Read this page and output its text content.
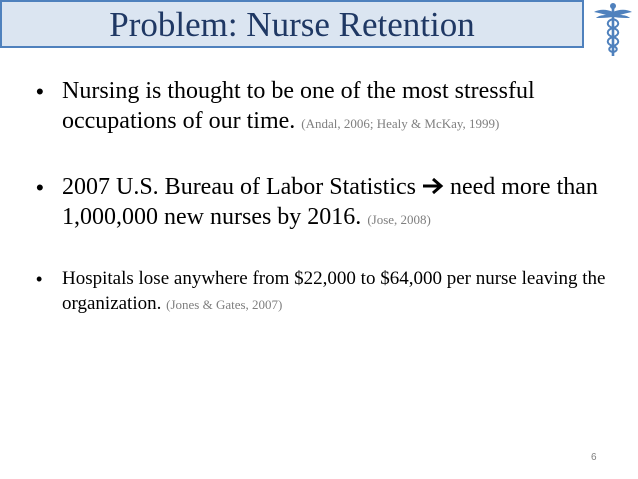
Problem: Nurse Retention

• Nursing is thought to be one of the most stressful occupations of our time. (Andal, 2006; Healy & McKay, 1999)

• 2007 U.S. Bureau of Labor Statistics need more than 1,000,000 new nurses by 2016. (Jose, 2008)

• Hospitals lose anywhere from $22,000 to $64,000 per nurse leaving the organization. (Jones & Gates, 2007)

6
